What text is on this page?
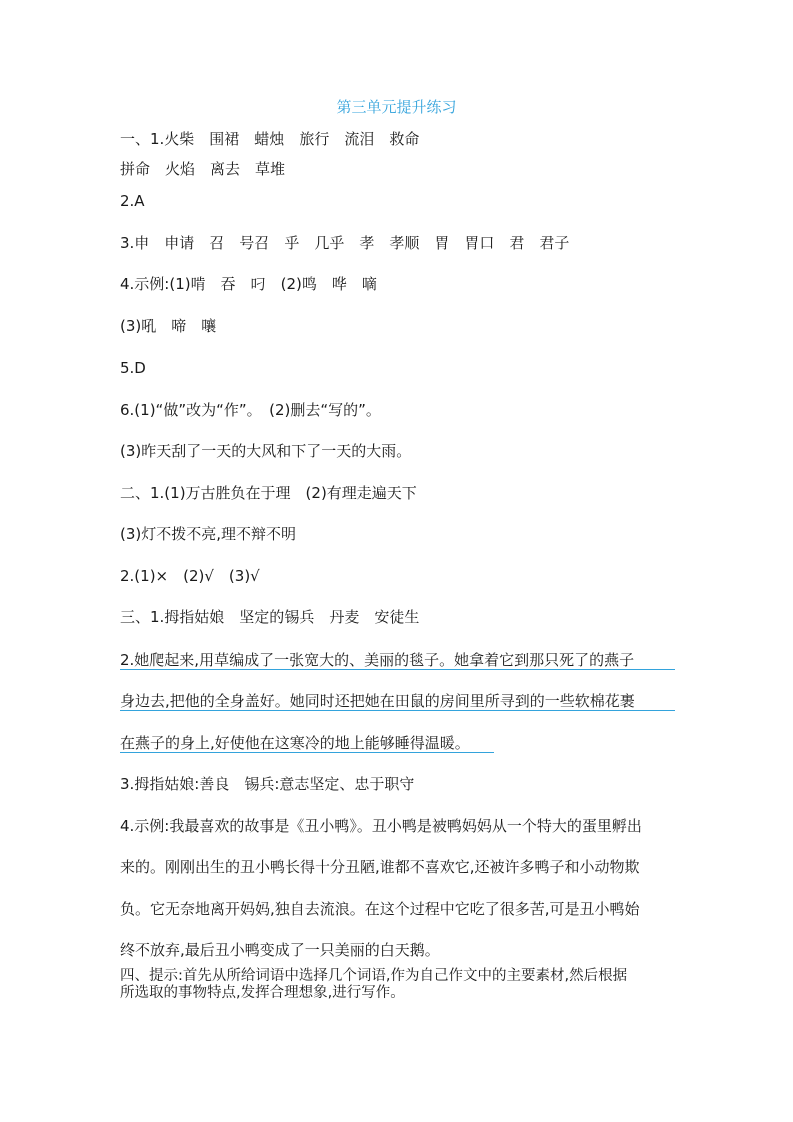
第三单元提升练习
一、1.火柴　围裙　蜡烛　旅行　流泪　救命
拼命　火焰　离去　草堆
2.A
3.申　申请　召　号召　乎　几乎　孝　孝顺　胃　胃口　君　君子
4.示例:(1)啃　吞　叼　(2)鸣　哗　嘀
(3)吼　啼　嚷
5.D
6.(1)“做”改为“作”。　(2)删去“写的”。
(3)昨天刮了一天的大风和下了一天的大雨。
二、1.(1)万古胜负在于理　(2)有理走遍天下
(3)灯不拨不亮,理不辩不明
2.(1)×　(2)√　(3)√
三、1.拇指姑娘　坚定的锡兵　丹麦　安徒生
2.她爬起来,用草编成了一张宽大的、美丽的毯子。她拿着它到那只死了的燕子
身边去,把他的全身盖好。她同时还把她在田鼠的房间里所寻到的一些软棉花裹
在燕子的身上,好使他在这寒冷的地上能够睡得温暖。
3.拇指姑娘:善良　锡兵:意志坚定、忠于职守
4.示例:我最喜欢的故事是《丑小鸭》。丑小鸭是被鸭妈妈从一个特大的蛋里孵出
来的。刚刚出生的丑小鸭长得十分丑陋,谁都不喜欢它,还被许多鸭子和小动物欺
负。它无奈地离开妈妈,独自去流浪。在这个过程中它吃了很多苦,可是丑小鸭始
终不放弃,最后丑小鸭变成了一只美丽的白天鹅。
四、提示:首先从所给词语中选择几个词语,作为自己作文中的主要素材,然后根据
所选取的事物特点,发挥合理想象,进行写作。
